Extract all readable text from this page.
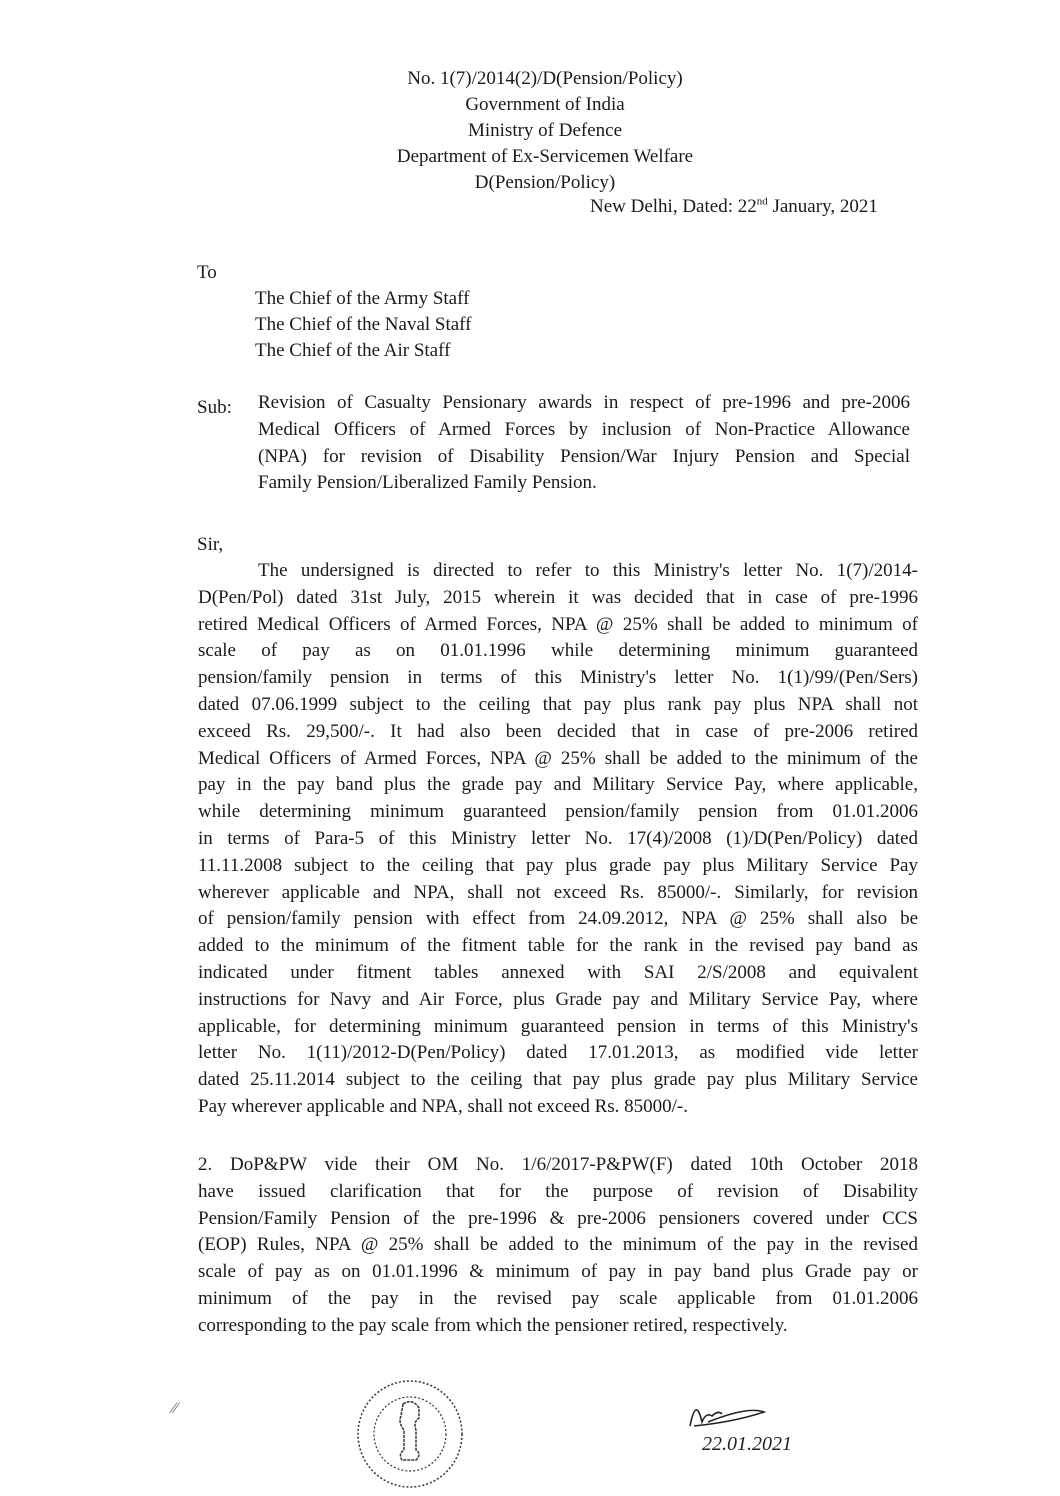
No. 1(7)/2014(2)/D(Pension/Policy)
Government of India
Ministry of Defence
Department of Ex-Servicemen Welfare
D(Pension/Policy)
New Delhi, Dated: 22nd January, 2021
To
The Chief of the Army Staff
The Chief of the Naval Staff
The Chief of the Air Staff
Sub: Revision of Casualty Pensionary awards in respect of pre-1996 and pre-2006
Medical Officers of Armed Forces by inclusion of Non-Practice Allowance
(NPA) for revision of Disability Pension/War Injury Pension and Special
Family Pension/Liberalized Family Pension.
Sir,
The undersigned is directed to refer to this Ministry's letter No. 1(7)/2014-
D(Pen/Pol) dated 31st July, 2015 wherein it was decided that in case of pre-1996
retired Medical Officers of Armed Forces, NPA @ 25% shall be added to minimum of
scale of pay as on 01.01.1996 while determining minimum guaranteed
pension/family pension in terms of this Ministry's letter No. 1(1)/99/(Pen/Sers)
dated 07.06.1999 subject to the ceiling that pay plus rank pay plus NPA shall not
exceed Rs. 29,500/-. It had also been decided that in case of pre-2006 retired
Medical Officers of Armed Forces, NPA @ 25% shall be added to the minimum of the
pay in the pay band plus the grade pay and Military Service Pay, where applicable,
while determining minimum guaranteed pension/family pension from 01.01.2006
in terms of Para-5 of this Ministry letter No. 17(4)/2008 (1)/D(Pen/Policy) dated
11.11.2008 subject to the ceiling that pay plus grade pay plus Military Service Pay
wherever applicable and NPA, shall not exceed Rs. 85000/-. Similarly, for revision
of pension/family pension with effect from 24.09.2012, NPA @ 25% shall also be
added to the minimum of the fitment table for the rank in the revised pay band as
indicated under fitment tables annexed with SAI 2/S/2008 and equivalent
instructions for Navy and Air Force, plus Grade pay and Military Service Pay, where
applicable, for determining minimum guaranteed pension in terms of this Ministry's
letter No. 1(11)/2012-D(Pen/Policy) dated 17.01.2013, as modified vide letter
dated 25.11.2014 subject to the ceiling that pay plus grade pay plus Military Service
Pay wherever applicable and NPA, shall not exceed Rs. 85000/-.
2. DoP&PW vide their OM No. 1/6/2017-P&PW(F) dated 10th October 2018
have issued clarification that for the purpose of revision of Disability
Pension/Family Pension of the pre-1996 & pre-2006 pensioners covered under CCS
(EOP) Rules, NPA @ 25% shall be added to the minimum of the pay in the revised
scale of pay as on 01.01.1996 & minimum of pay in pay band plus Grade pay or
minimum of the pay in the revised pay scale applicable from 01.01.2006
corresponding to the pay scale from which the pensioner retired, respectively.
⁄⁄
22.01.2021
